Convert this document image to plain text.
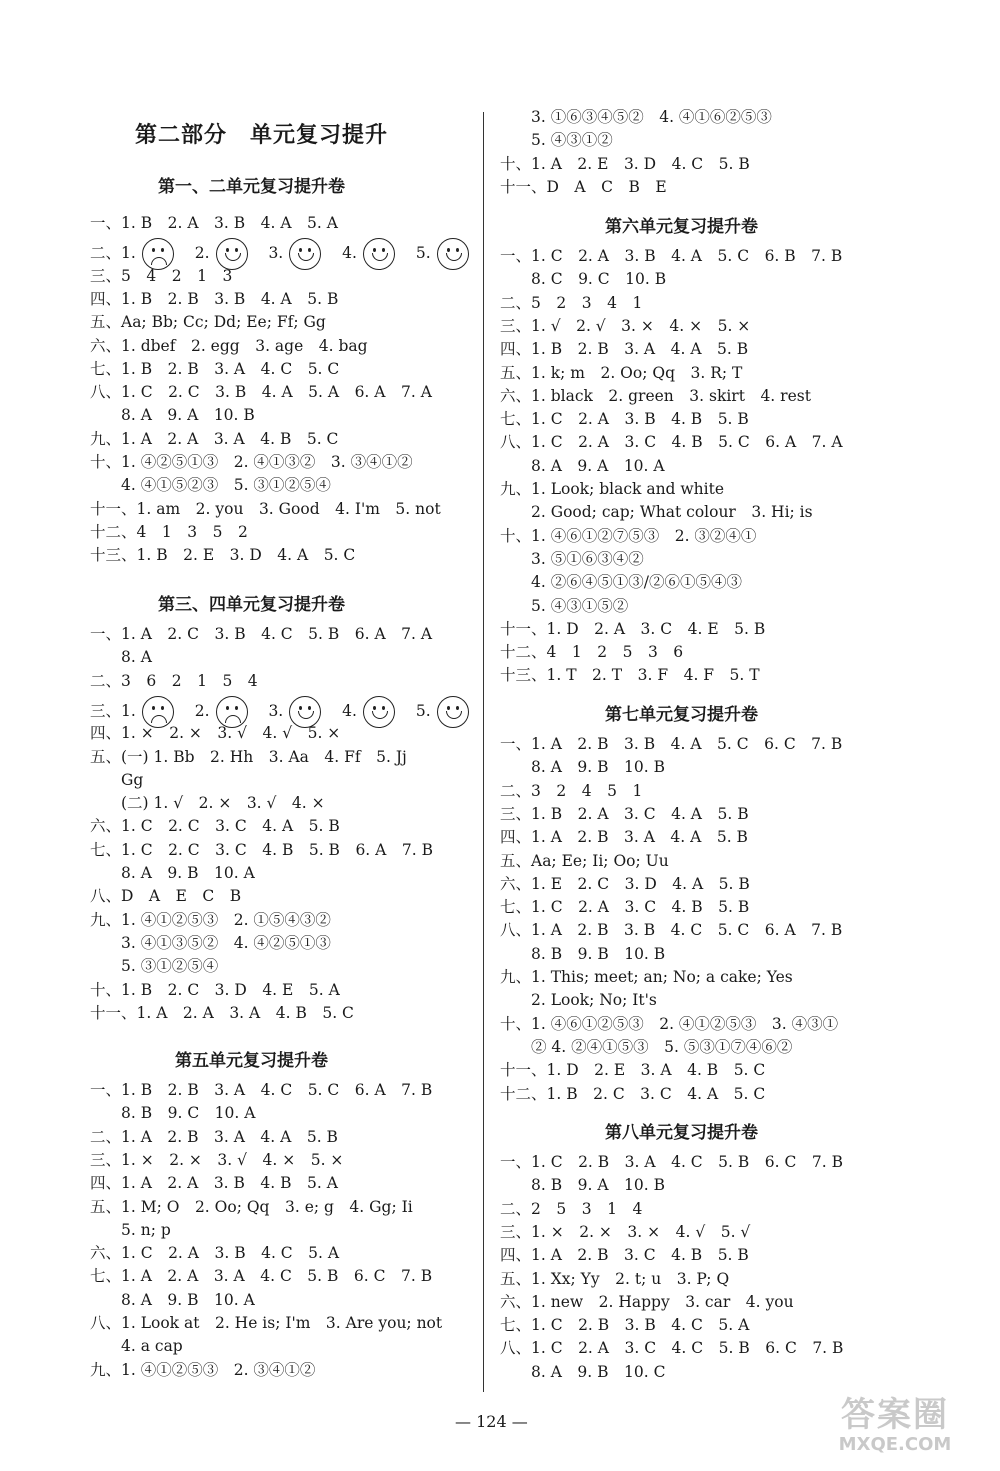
第二部分　单元复习提升
第一、二单元复习提升卷
一、1. B　2. A　3. B　4. A　5. A
二、1.	2.	3.	4.	5.
三、5　4　2　1　3
四、1. B　2. B　3. B　4. A　5. B
五、Aa; Bb; Cc; Dd; Ee; Ff; Gg
六、1. dbef　2. egg　3. age　4. bag
七、1. B　2. B　3. A　4. C　5. C
八、1. C　2. C　3. B　4. A　5. A　6. A　7. A
　　8. A　9. A　10. B
九、1. A　2. A　3. A　4. B　5. C
十、1. ④②⑤①③　2. ④①③②　3. ③④①②
　　4. ④①⑤②③　5. ③①②⑤④
十一、1. am　2. you　3. Good　4. I'm　5. not
十二、4　1　3　5　2
十三、1. B　2. E　3. D　4. A　5. C
第三、四单元复习提升卷
一、1. A　2. C　3. B　4. C　5. B　6. A　7. A
　　8. A
二、3　6　2　1　5　4
三、1.	2.	3.	4.	5.
四、1. ×　2. ×　3. √　4. √　5. ×
五、(一) 1. Bb　2. Hh　3. Aa　4. Ff　5. Jj
　　Gg
　　(二) 1. √　2. ×　3. √　4. ×
六、1. C　2. C　3. C　4. A　5. B
七、1. C　2. C　3. C　4. B　5. B　6. A　7. B
　　8. A　9. B　10. A
八、D　A　E　C　B
九、1. ④①②⑤③　2. ①⑤④③②
　　3. ④①③⑤②　4. ④②⑤①③
　　5. ③①②⑤④
十、1. B　2. C　3. D　4. E　5. A
十一、1. A　2. A　3. A　4. B　5. C
第五单元复习提升卷
一、1. B　2. B　3. A　4. C　5. C　6. A　7. B
　　8. B　9. C　10. A
二、1. A　2. B　3. A　4. A　5. B
三、1. ×　2. ×　3. √　4. ×　5. ×
四、1. A　2. A　3. B　4. B　5. A
五、1. M; O　2. Oo; Qq　3. e; g　4. Gg; Ii
　　5. n; p
六、1. C　2. A　3. B　4. C　5. A
七、1. A　2. A　3. A　4. C　5. B　6. C　7. B
　　8. A　9. B　10. A
八、1. Look at　2. He is; I'm　3. Are you; not
　　4. a cap
九、1. ④①②⑤③　2. ③④①②
　　3. ①⑥③④⑤②　4. ④①⑥②⑤③
　　5. ④③①②
十、1. A　2. E　3. D　4. C　5. B
十一、D　A　C　B　E
第六单元复习提升卷
一、1. C　2. A　3. B　4. A　5. C　6. B　7. B
　　8. C　9. C　10. B
二、5　2　3　4　1
三、1. √　2. √　3. ×　4. ×　5. ×
四、1. B　2. B　3. A　4. A　5. B
五、1. k; m　2. Oo; Qq　3. R; T
六、1. black　2. green　3. skirt　4. rest
七、1. C　2. A　3. B　4. B　5. B
八、1. C　2. A　3. C　4. B　5. C　6. A　7. A
　　8. A　9. A　10. A
九、1. Look; black and white
　　2. Good; cap; What colour　3. Hi; is
十、1. ④⑥①②⑦⑤③　2. ③②④①
　　3. ⑤①⑥③④②
　　4. ②⑥④⑤①③/②⑥①⑤④③
　　5. ④③①⑤②
十一、1. D　2. A　3. C　4. E　5. B
十二、4　1　2　5　3　6
十三、1. T　2. T　3. F　4. F　5. T
第七单元复习提升卷
一、1. A　2. B　3. B　4. A　5. C　6. C　7. B
　　8. A　9. B　10. B
二、3　2　4　5　1
三、1. B　2. A　3. C　4. A　5. B
四、1. A　2. B　3. A　4. A　5. B
五、Aa; Ee; Ii; Oo; Uu
六、1. E　2. C　3. D　4. A　5. B
七、1. C　2. A　3. C　4. B　5. B
八、1. A　2. B　3. B　4. C　5. C　6. A　7. B
　　8. B　9. B　10. B
九、1. This; meet; an; No; a cake; Yes
　　2. Look; No; It's
十、1. ④⑥①②⑤③　2. ④①②⑤③　3. ④③①
　　② 4. ②④①⑤③　5. ⑤③①⑦④⑥②
十一、1. D　2. E　3. A　4. B　5. C
十二、1. B　2. C　3. C　4. A　5. C
第八单元复习提升卷
一、1. C　2. B　3. A　4. C　5. B　6. C　7. B
　　8. B　9. A　10. B
二、2　5　3　1　4
三、1. ×　2. ×　3. ×　4. √　5. √
四、1. A　2. B　3. C　4. B　5. B
五、1. Xx; Yy　2. t; u　3. P; Q
六、1. new　2. Happy　3. car　4. you
七、1. C　2. B　3. B　4. C　5. A
八、1. C　2. A　3. C　4. C　5. B　6. C　7. B
　　8. A　9. B　10. C
— 124 —	答案圈
MXQE.COM
